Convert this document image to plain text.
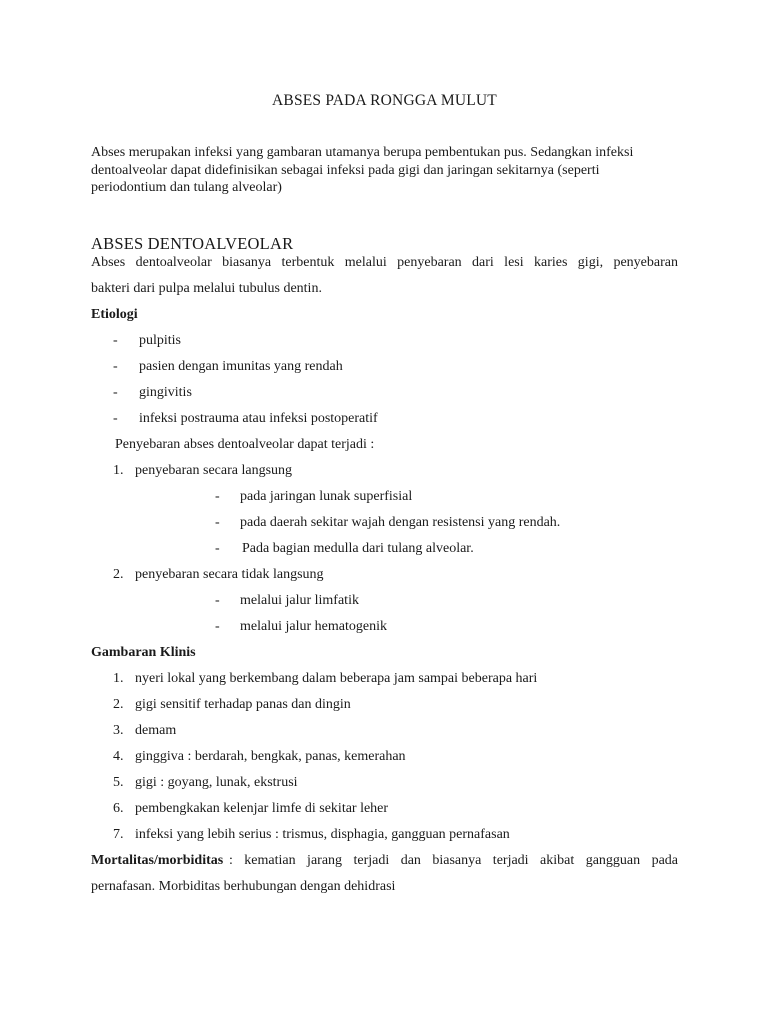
ABSES PADA RONGGA MULUT
Abses merupakan infeksi yang gambaran utamanya berupa pembentukan pus. Sedangkan infeksi
dentoalveolar dapat didefinisikan sebagai infeksi pada gigi dan jaringan sekitarnya (seperti
periodontium dan tulang alveolar)
ABSES DENTOALVEOLAR
Abses dentoalveolar biasanya terbentuk melalui penyebaran dari lesi karies gigi, penyebaran
bakteri dari pulpa melalui tubulus dentin.
Etiologi
- pulpitis
- pasien dengan imunitas yang rendah
- gingivitis
- infeksi postrauma atau infeksi postoperatif
Penyebaran abses dentoalveolar dapat terjadi :
1. penyebaran secara langsung
- pada jaringan lunak superfisial
- pada daerah sekitar wajah dengan resistensi yang rendah.
- Pada bagian medulla dari tulang alveolar.
2. penyebaran secara tidak langsung
- melalui jalur limfatik
- melalui jalur hematogenik
Gambaran Klinis
1. nyeri lokal yang berkembang dalam beberapa jam sampai beberapa hari
2. gigi sensitif terhadap panas dan dingin
3. demam
4. ginggiva : berdarah, bengkak, panas, kemerahan
5. gigi : goyang, lunak, ekstrusi
6. pembengkakan kelenjar limfe di sekitar leher
7. infeksi yang lebih serius : trismus, disphagia, gangguan pernafasan
Mortalitas/morbiditas :  kematian  jarang  terjadi  dan  biasanya  terjadi  akibat  gangguan  pada
pernafasan. Morbiditas berhubungan dengan dehidrasi
